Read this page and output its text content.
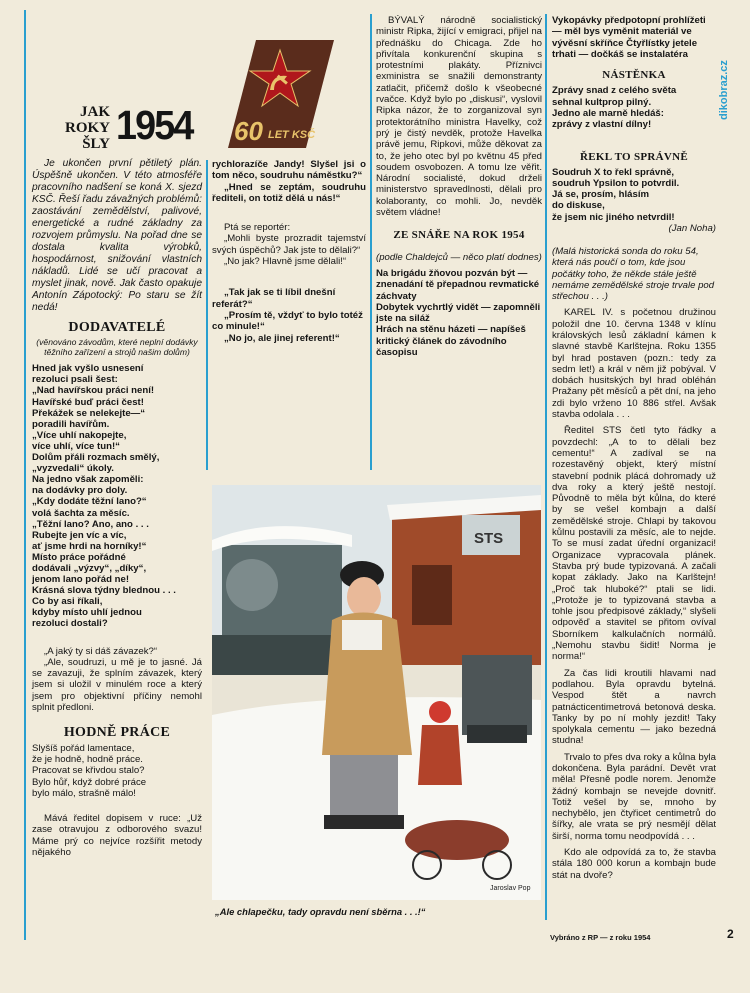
dikobraz.cz
60 LET KSČ
JAK
ROKY
ŠLY 1954

Je ukončen první pětiletý plán. Úspěšně ukončen. V této atmosféře pracovního nadšení se koná X. sjezd KSČ. Řeší řadu závažných problémů: zaostávání zemědělství, palivové, energetické a rudné základny za rozvojem průmyslu. Na pořad dne se dostala kvalita výrobků, hospodárnost, snižování vlastních nákladů. Lidé se učí pracovat a myslet jinak, nově. Jak často opakuje Antonín Zápotocký: Po staru se žít nedá!

DODAVATELÉ

(věnováno závodům, které neplní dodávky těžního zařízení a strojů našim dolům)

Hned jak vyšlo usnesení
rezoluci psali šest:
„Nad havířskou práci není!
Havířské buď práci čest!
Překážek se nelekejte—“
poradili havířům.
„Více uhlí nakopejte,
více uhlí, více tun!“
Dolům přáli rozmach smělý,
„vyzvedali“ úkoly.
Na jedno však zapoměli:
na dodávky pro doly.
„Kdy dodáte těžní lano?“
volá šachta za měsíc.
„Těžní lano? Ano, ano . . .
Rubejte jen víc a víc,
ať jsme hrdi na horníky!“
Místo práce pořádné
dodávali „výzvy“, „díky“,
jenom lano pořád ne!
Krásná slova týdny blednou . . .
Co by asi říkali,
kdyby místo uhlí jednou
rezoluci dostali?

„A jaký ty si dáš závazek?“

„Ale, soudruzi, u mě je to jasné. Já se zavazuji, že splním závazek, který jsem si uložil v minulém roce a který jsem pro objektivní příčiny nemohl splnit předloni.

HODNĚ PRÁCE
Slyšíš pořád lamentace,
že je hodně, hodně práce.
Pracovat se křivdou stalo?
Bylo hůř, když dobré práce
bylo málo, strašně málo!

Mává ředitel dopisem v ruce: „Už zase otravujou z odborového svazu! Máme prý co nejvíce rozšířit metody nějakého

rychlorazíče Jandy! Slyšel jsi o tom něco, soudruhu náměstku?“

„Hned se zeptám, soudruhu řediteli, on totiž dělá u nás!“

Ptá se reportér:

„Mohli byste prozradit tajemství svých úspěchů? Jak jste to dělali?“

„No jak? Hlavně jsme dělali!“

„Tak jak se ti líbil dnešní referát?“

„Prosím tě, vždyť to bylo totéž co minule!“

„No jo, ale jinej referent!“

BÝVALÝ národně socialistický ministr Ripka, žijící v emigraci, přijel na přednášku do Chicaga. Zde ho přivítala konkurenční skupina s protestními plakáty. Příznivci exministra se snažili demonstranty zatlačit, přičemž došlo k všeobecné rvačce. Když bylo po „diskusi“, vyslovil Ripka názor, že to zorganizoval syn protektorátního ministra Havelky, což prý je čistý nevděk, protože Havelka právě jemu, Ripkovi, může děkovat za to, že jeho otec byl po květnu 45 před soudem osvobozen. A tomu lze věřit. Národní socialisté, dokud drželi ministerstvo spravedlnosti, dělali pro kolaboranty, co mohli. Jo, nevděk světem vládne!

ZE SNÁŘE NA ROK 1954

(podle Chaldejců — něco platí dodnes)

Na brigádu žňovou pozván být — znenadání tě přepadnou revmatické záchvaty

Dobytek vychrtlý vidět — zapomněli jste na siláž

Hrách na stěnu házeti — napíšeš kritický článek do závodního časopisu

Vykopávky předpotopní prohlížeti — měl bys vyměnit materiál ve vývěsní skříňce Čtyřlístky jetele trhati — dočkáš se instalatéra

NÁSTĚNKA
Zprávy snad z celého světa
sehnal kultprop pilný.
Jedno ale marně hledáš:
zprávy z vlastní dílny!
ŘEKL TO SPRÁVNĚ
Soudruh X to řekl správně,
soudruh Ypsilon to potvrdil.
Já se, prosím, hlásím
do diskuse,
že jsem nic jiného netvrdil!

(Jan Noha)

(Malá historická sonda do roku 54, která nás poučí o tom, kde jsou počátky toho, že někde stále ještě nemáme zemědělské stroje trvale pod střechou . . .)

KAREL IV. s početnou družinou položil dne 10. června 1348 v klínu královských lesů základní kámen k slavné stavbě Karlštejna. Roku 1355 byl hrad postaven (pozn.: tedy za sedm let!) a král v něm již pobýval. V dobách husitských byl hrad obléhán Pražany pět měsíců a pět dní, na jeho zdi bylo vrženo 10 886 střel. Avšak stavba odolala . . .

Ředitel STS četl tyto řádky a povzdechl: „A to to dělali bez cementu!“ A zadíval se na rozestavěný objekt, který místní stavební podnik plácá dohromady už dva roky a který ještě nestojí. Původně to měla být kůlna, do které by se vešel kombajn a další zemědělské stroje. Chlapi by takovou kůlnu postavili za měsíc, ale to nejde. To se musí zadat úřední organizaci! Organizace vypracovala plánek. Stavba prý bude typizovaná. A začali kopat základy. Jako na Karlštejn! „Proč tak hluboké?“ ptali se lidi. „Protože je to typizovaná stavba a tohle jsou předpisové základy,“ slyšeli odpověď a stavitel se přitom ovíval Sborníkem kalkulačních normálů. „Nemohu stavbu šidit! Norma je norma!“

Za čas lidi kroutili hlavami nad podlahou. Byla opravdu bytelná. Vespod štět a navrch patnácticentimetrová betonová deska. Tanky by po ní mohly jezdit! Taky spolykala cementu — jako bezedná studna!

Trvalo to přes dva roky a kůlna byla dokončena. Byla parádní. Devět vrat měla! Přesně podle norem. Jenomže žádný kombajn se nevejde dovnitř. Totiž vešel by se, mnoho by nechybělo, jen čtyřicet centimetrů do šířky, ale vrata se prý nesmějí dělat širší, norma tomu neodpovídá . . .

Kdo ale odpovídá za to, že stavba stála 180 000 korun a kombajn bude stát na dvoře?

STS
Jaroslav Pop
„Ale chlapečku, tady opravdu není sběrna . . .!“
Vybráno z RP — z roku 1954	2
